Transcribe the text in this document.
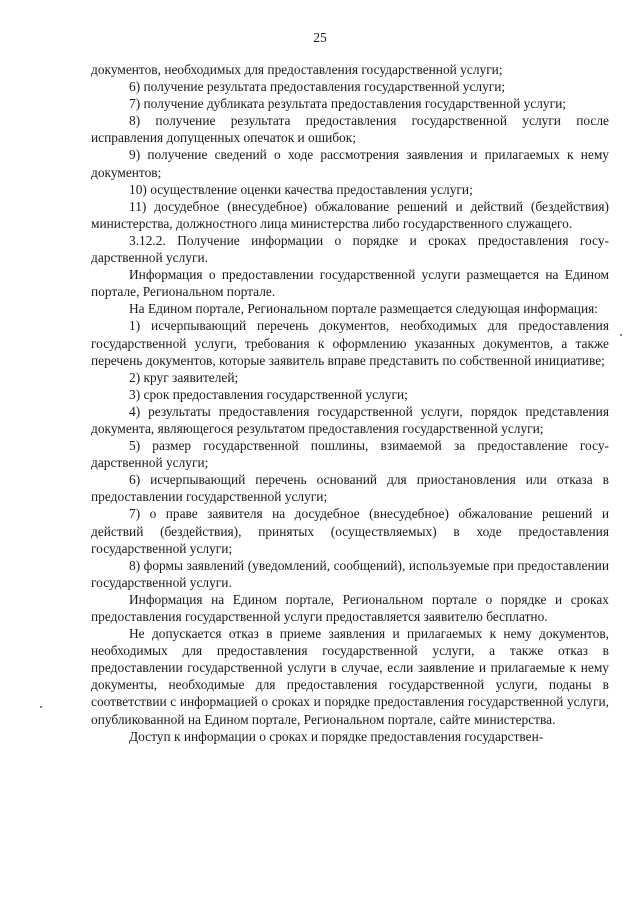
25

документов, необходимых для предоставления государственной услуги;

6) получение результата предоставления государственной услуги;

7) получение дубликата результата предоставления государственной услуги;

8) получение результата предоставления государственной услуги после исправления допущенных опечаток и ошибок;

9) получение сведений о ходе рассмотрения заявления и прилагаемых к нему документов;

10) осуществление оценки качества предоставления услуги;

11) досудебное (внесудебное) обжалование решений и действий (бездействия) министерства, должностного лица министерства либо государственного служащего.

3.12.2. Получение информации о порядке и сроках предоставления государственной услуги.

Информация о предоставлении государственной услуги размещается на Едином портале, Региональном портале.

На Едином портале, Региональном портале размещается следующая информация:

1) исчерпывающий перечень документов, необходимых для предоставления государственной услуги, требования к оформлению указанных документов, а также перечень документов, которые заявитель вправе представить по собственной инициативе;

2) круг заявителей;

3) срок предоставления государственной услуги;

4) результаты предоставления государственной услуги, порядок представления документа, являющегося результатом предоставления государственной услуги;

5) размер государственной пошлины, взимаемой за предоставление государственной услуги;

6) исчерпывающий перечень оснований для приостановления или отказа в предоставлении государственной услуги;

7) о праве заявителя на досудебное (внесудебное) обжалование решений и действий (бездействия), принятых (осуществляемых) в ходе предоставления государственной услуги;

8) формы заявлений (уведомлений, сообщений), используемые при предоставлении государственной услуги.

Информация на Едином портале, Региональном портале о порядке и сроках предоставления государственной услуги предоставляется заявителю бесплатно.

Не допускается отказ в приеме заявления и прилагаемых к нему документов, необходимых для предоставления государственной услуги, а также отказ в предоставлении государственной услуги в случае, если заявление и прилагаемые к нему документы, необходимые для предоставления государственной услуги, поданы в соответствии с информацией о сроках и порядке предоставления государственной услуги, опубликованной на Едином портале, Региональном портале, сайте министерства.

Доступ к информации о сроках и порядке предоставления государствен-
